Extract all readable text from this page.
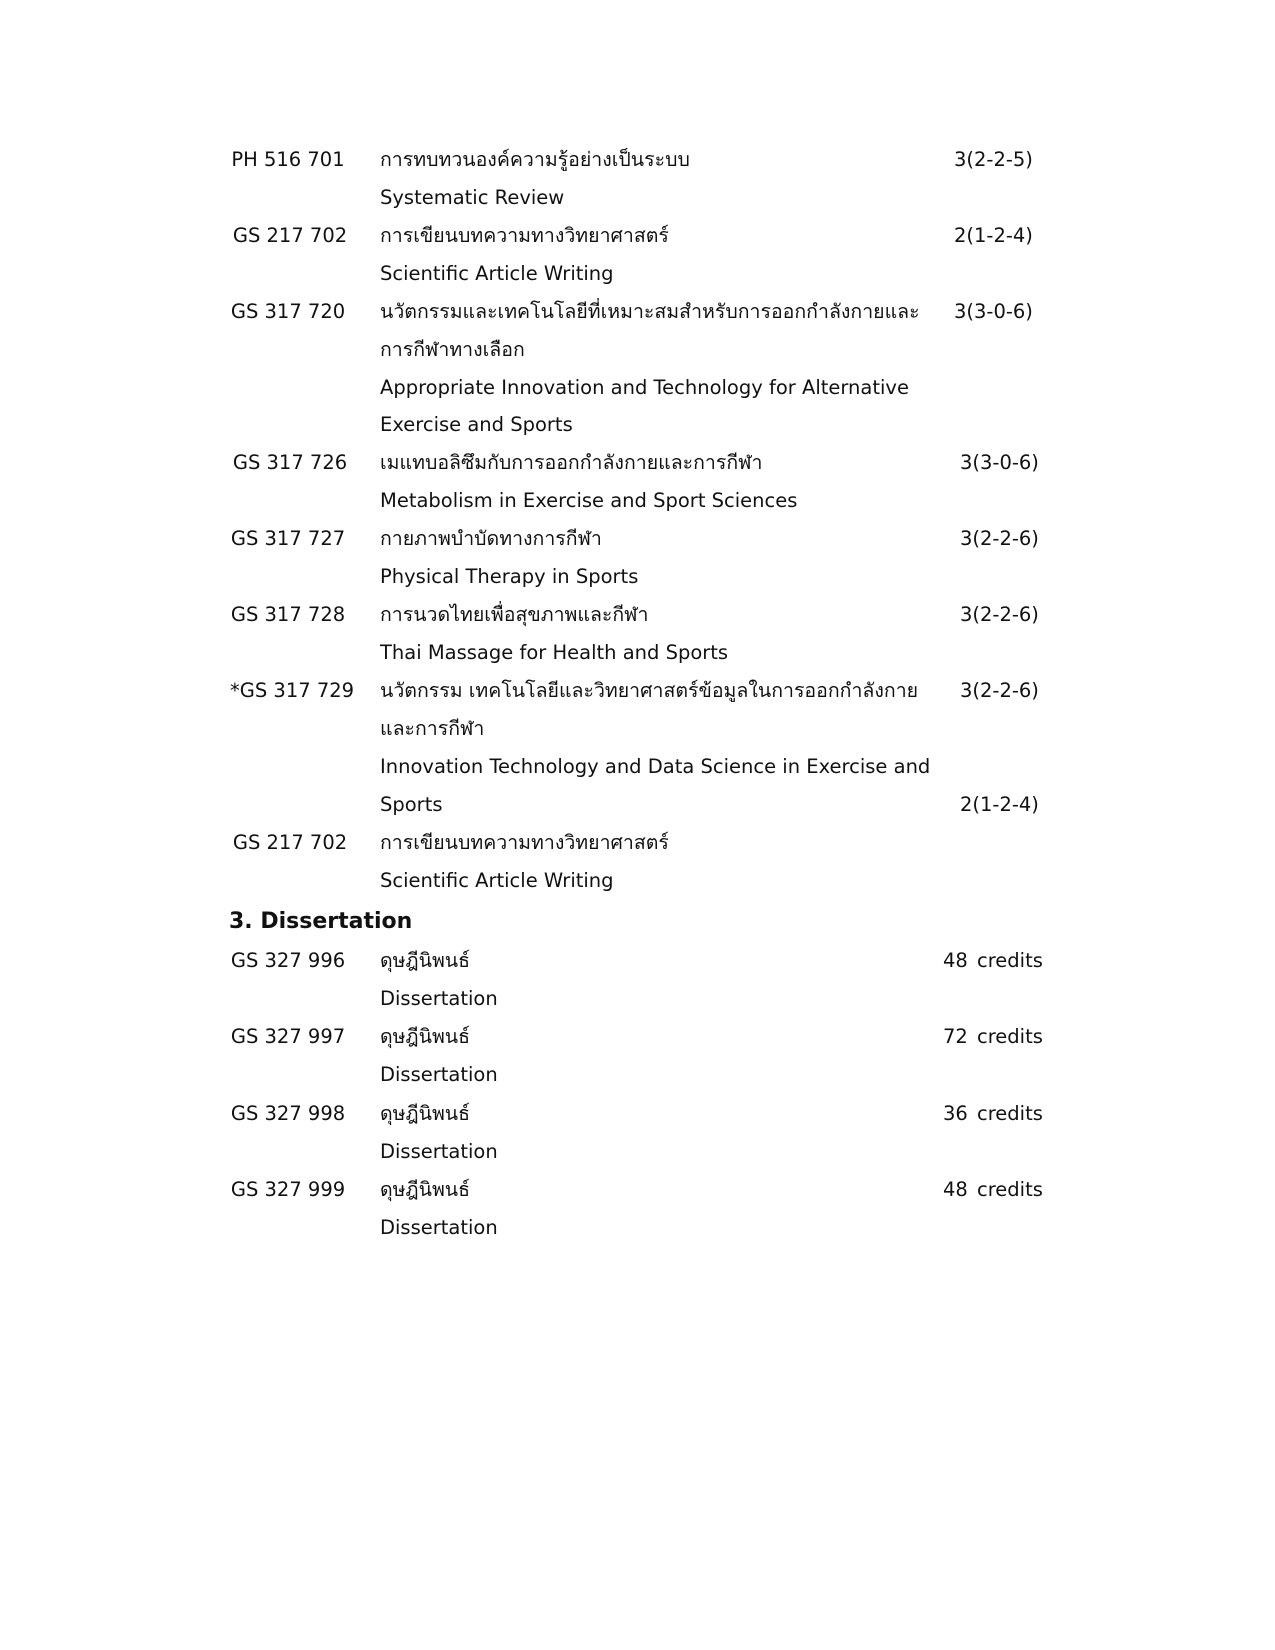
PH 516 701 การทบทวนองค์ความรู้อย่างเป็นระบบ	3(2-2-5)
Systematic Review
GS 217 702 การเขียนบทความทางวิทยาศาสตร์	2(1-2-4)
Scientific Article Writing
GS 317 720 นวัตกรรมและเทคโนโลยีที่เหมาะสมสำหรับการออกกำลังกายและ 3(3-0-6)
การกีฬาทางเลือก
Appropriate Innovation and Technology for Alternative
Exercise and Sports
GS 317 726 เมแทบอลิซึมกับการออกกำลังกายและการกีฬา	3(3-0-6)
Metabolism in Exercise and Sport Sciences
GS 317 727 กายภาพบำบัดทางการกีฬา	3(2-2-6)
Physical Therapy in Sports
GS 317 728 การนวดไทยเพื่อสุขภาพและกีฬา	3(2-2-6)
Thai Massage for Health and Sports
*GS 317 729 นวัตกรรม เทคโนโลยีและวิทยาศาสตร์ข้อมูลในการออกกำลังกาย 3(2-2-6)
และการกีฬา
Innovation Technology and Data Science in Exercise and
Sports	2(1-2-4)
GS 217 702 การเขียนบทความทางวิทยาศาสตร์
Scientific Article Writing
3. Dissertation
GS 327 996 ดุษฎีนิพนธ์	48 credits
Dissertation
GS 327 997 ดุษฎีนิพนธ์	72 credits
Dissertation
GS 327 998 ดุษฎีนิพนธ์	36 credits
Dissertation
GS 327 999 ดุษฎีนิพนธ์	48 credits
Dissertation
